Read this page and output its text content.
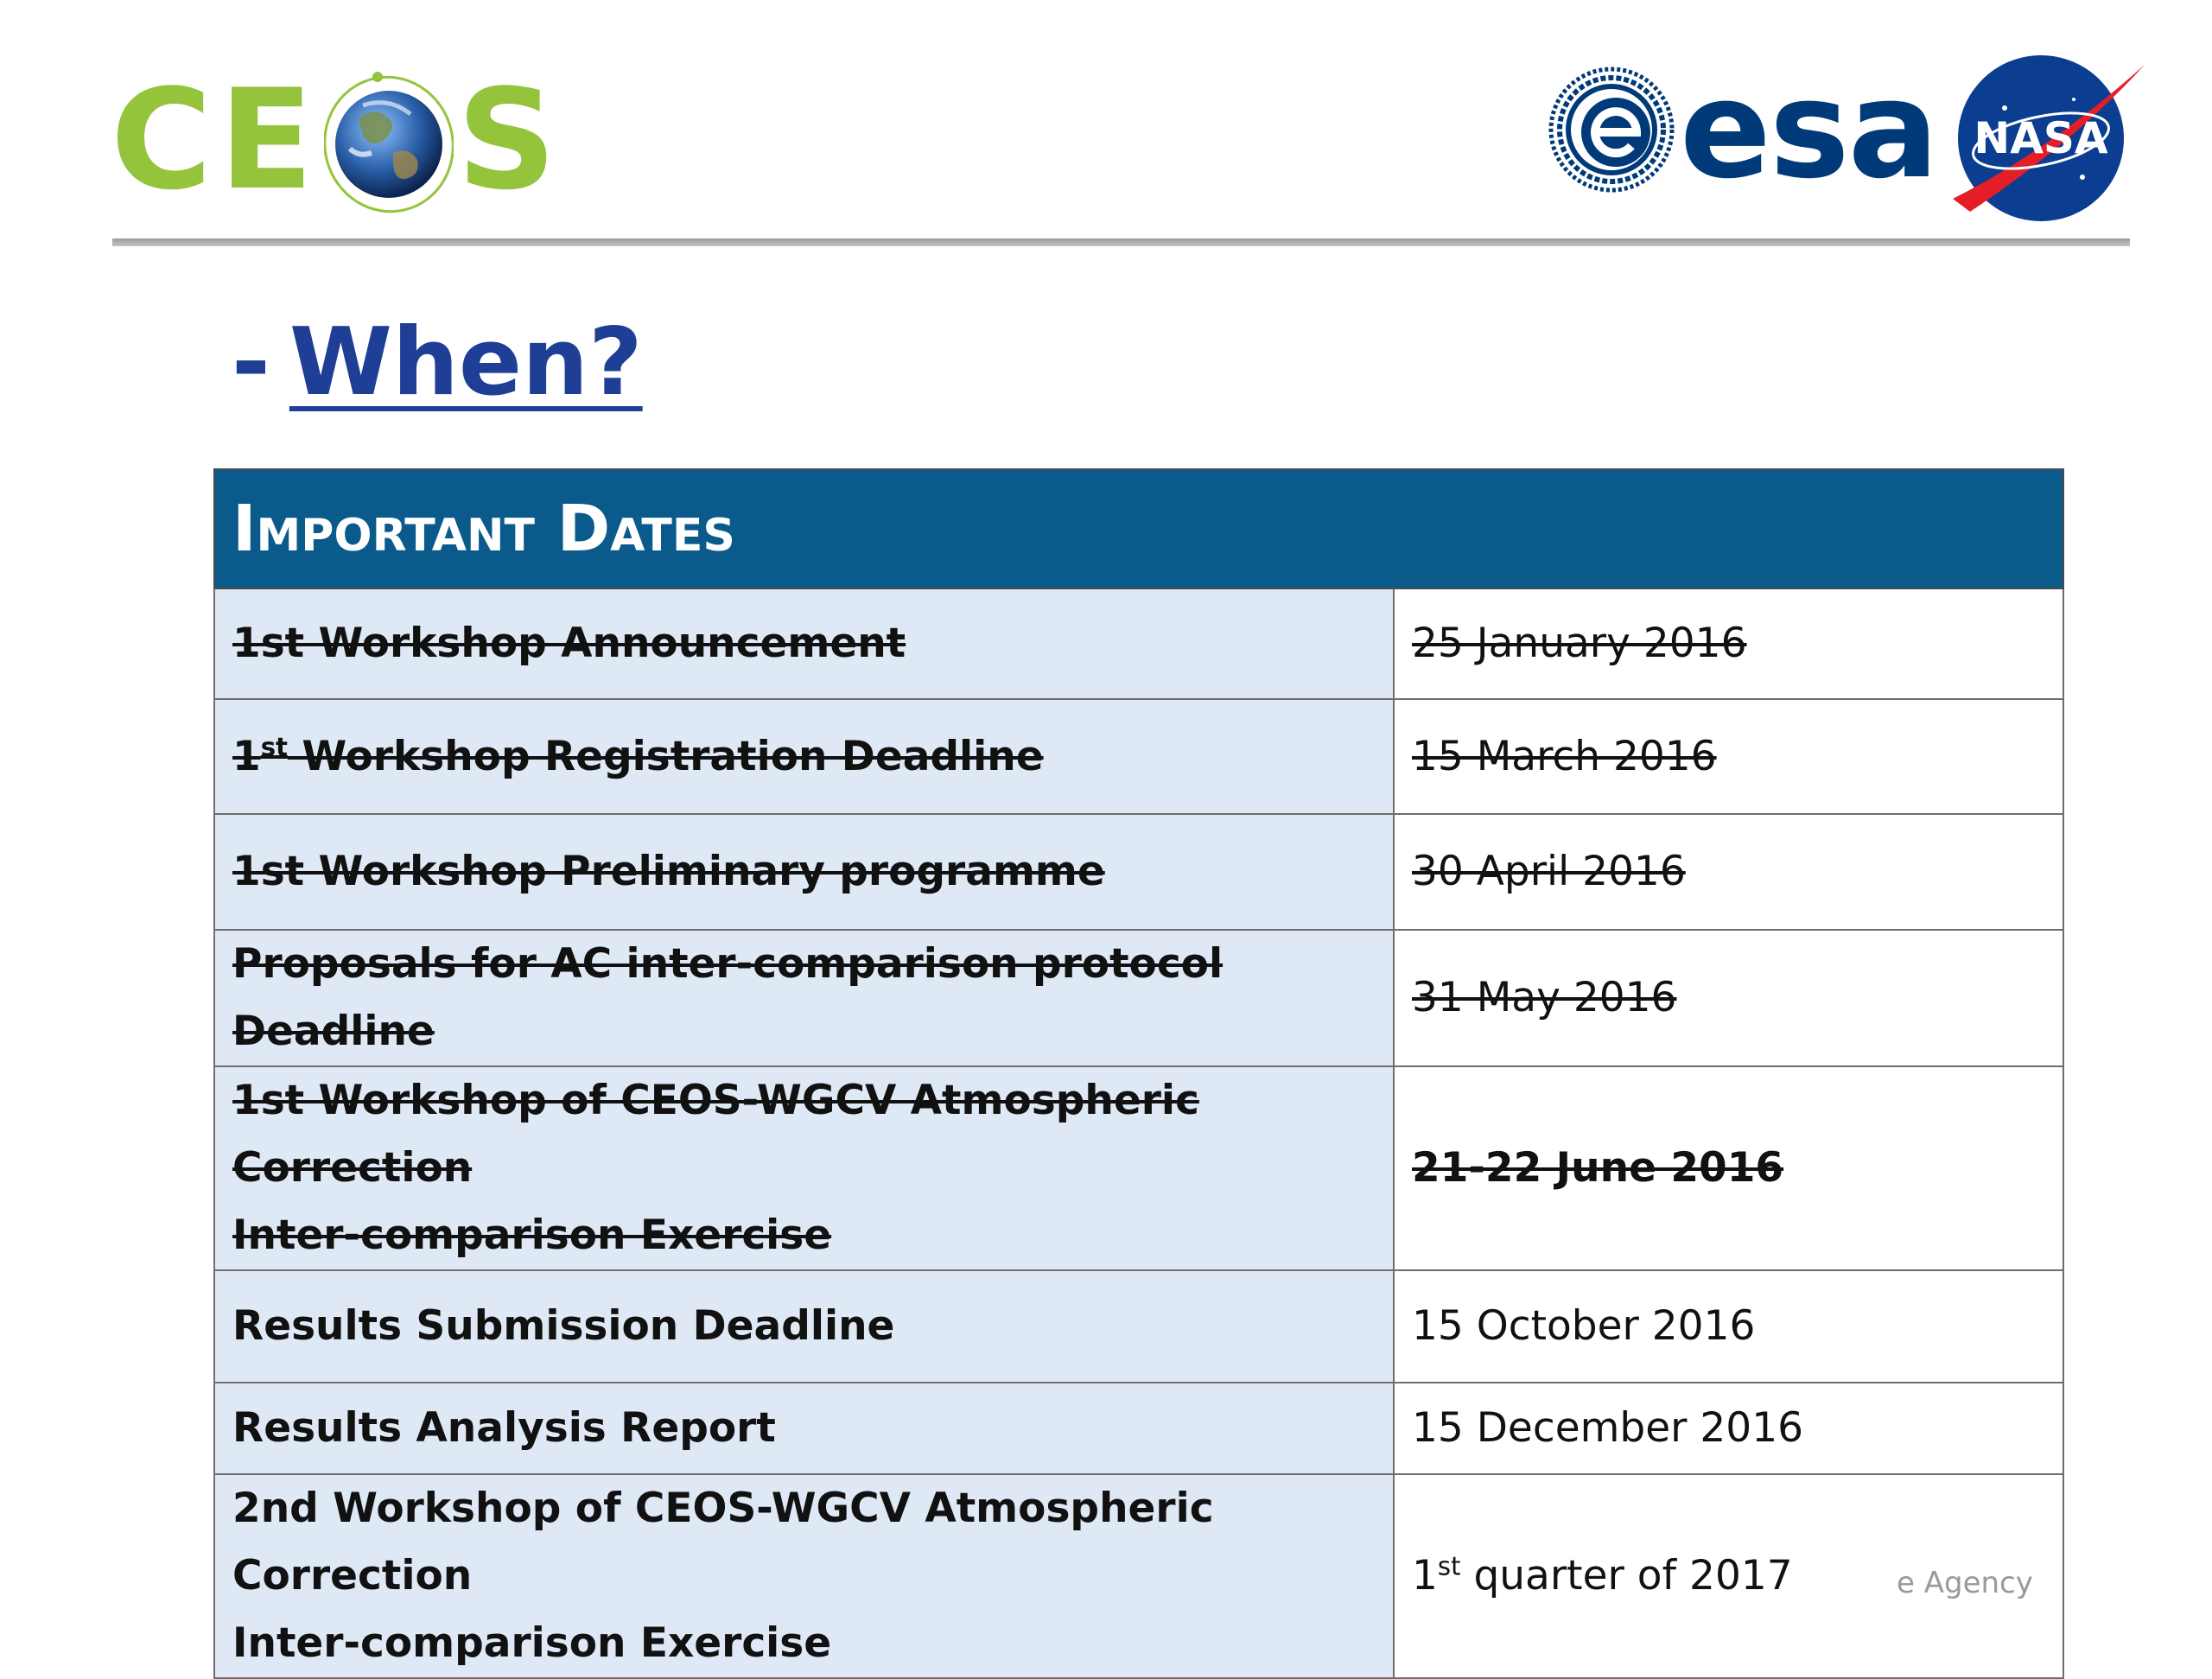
C E S	esa NASA
- When?
Important Dates	
1st Workshop Announcement	25 January 2016
1st Workshop Registration Deadline	15 March 2016
1st Workshop Preliminary programme	30 April 2016
Proposals for AC inter-comparison protocol Deadline	31 May 2016
1st Workshop of CEOS-WGCV Atmospheric Correction
Inter-comparison Exercise	21-22 June 2016
Results Submission Deadline	15 October 2016
Results Analysis Report	15 December 2016
2nd Workshop of CEOS-WGCV Atmospheric Correction
Inter-comparison Exercise	1st quarter of 2017	e Agency
